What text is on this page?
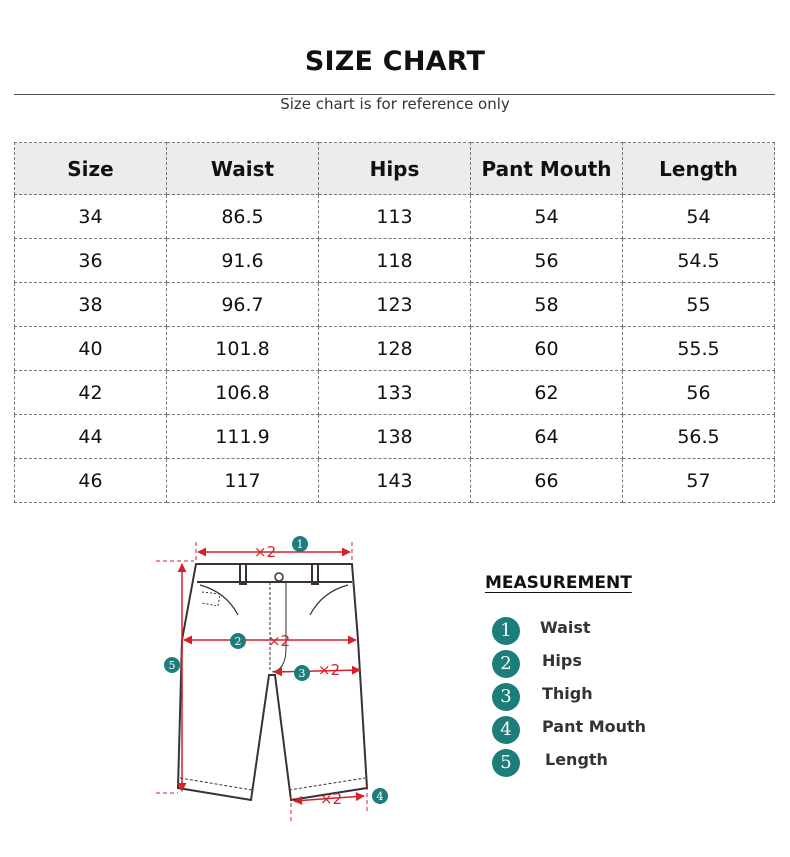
SIZE CHART
Size chart is for reference only
Size	Waist	Hips	Pant Mouth	Length
34	86.5	113	54	54
36	91.6	118	56	54.5
38	96.7	123	58	55
40	101.8	128	60	55.5
42	106.8	133	62	56
44	111.9	138	64	56.5
46	117	143	66	57
×2
×2
×2
×2
1
2
3
4
5
MEASUREMENT
1	Waist
2	Hips
3	Thigh
4	Pant Mouth
5	Length
